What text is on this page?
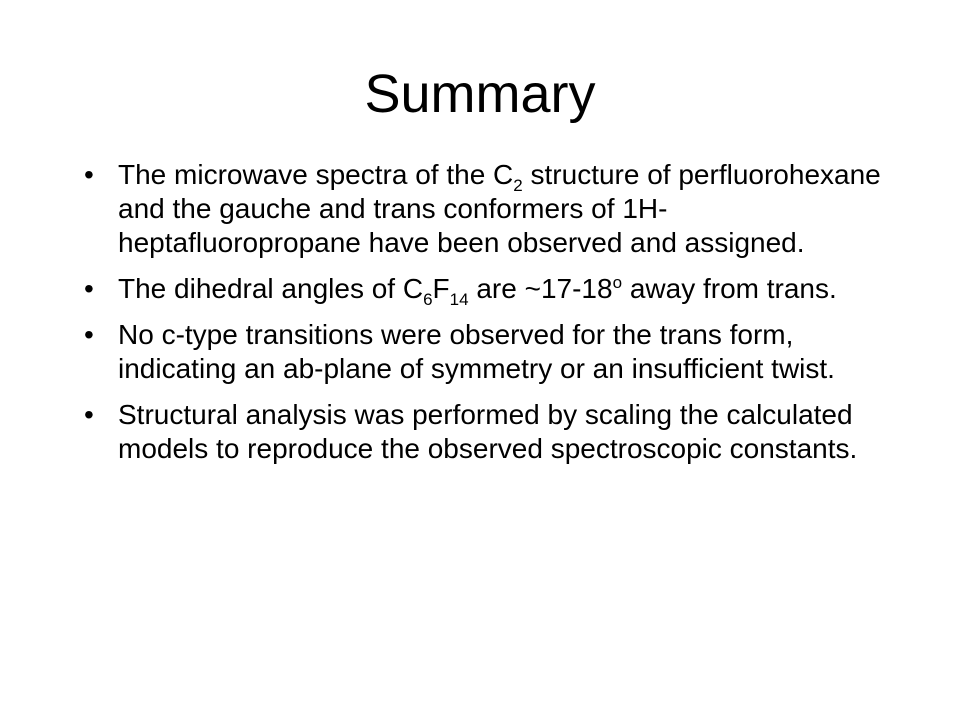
Summary
• The microwave spectra of the $C_2$ structure of perfluorohexane and the gauche and trans conformers of 1H-heptafluoropropane have been observed and assigned.
• The dihedral angles of $C_6F_{14}$ are ~17-18$^o$ away from trans.
• No c-type transitions were observed for the trans form, indicating an ab-plane of symmetry or an insufficient twist.
• Structural analysis was performed by scaling the calculated models to reproduce the observed spectroscopic constants.
